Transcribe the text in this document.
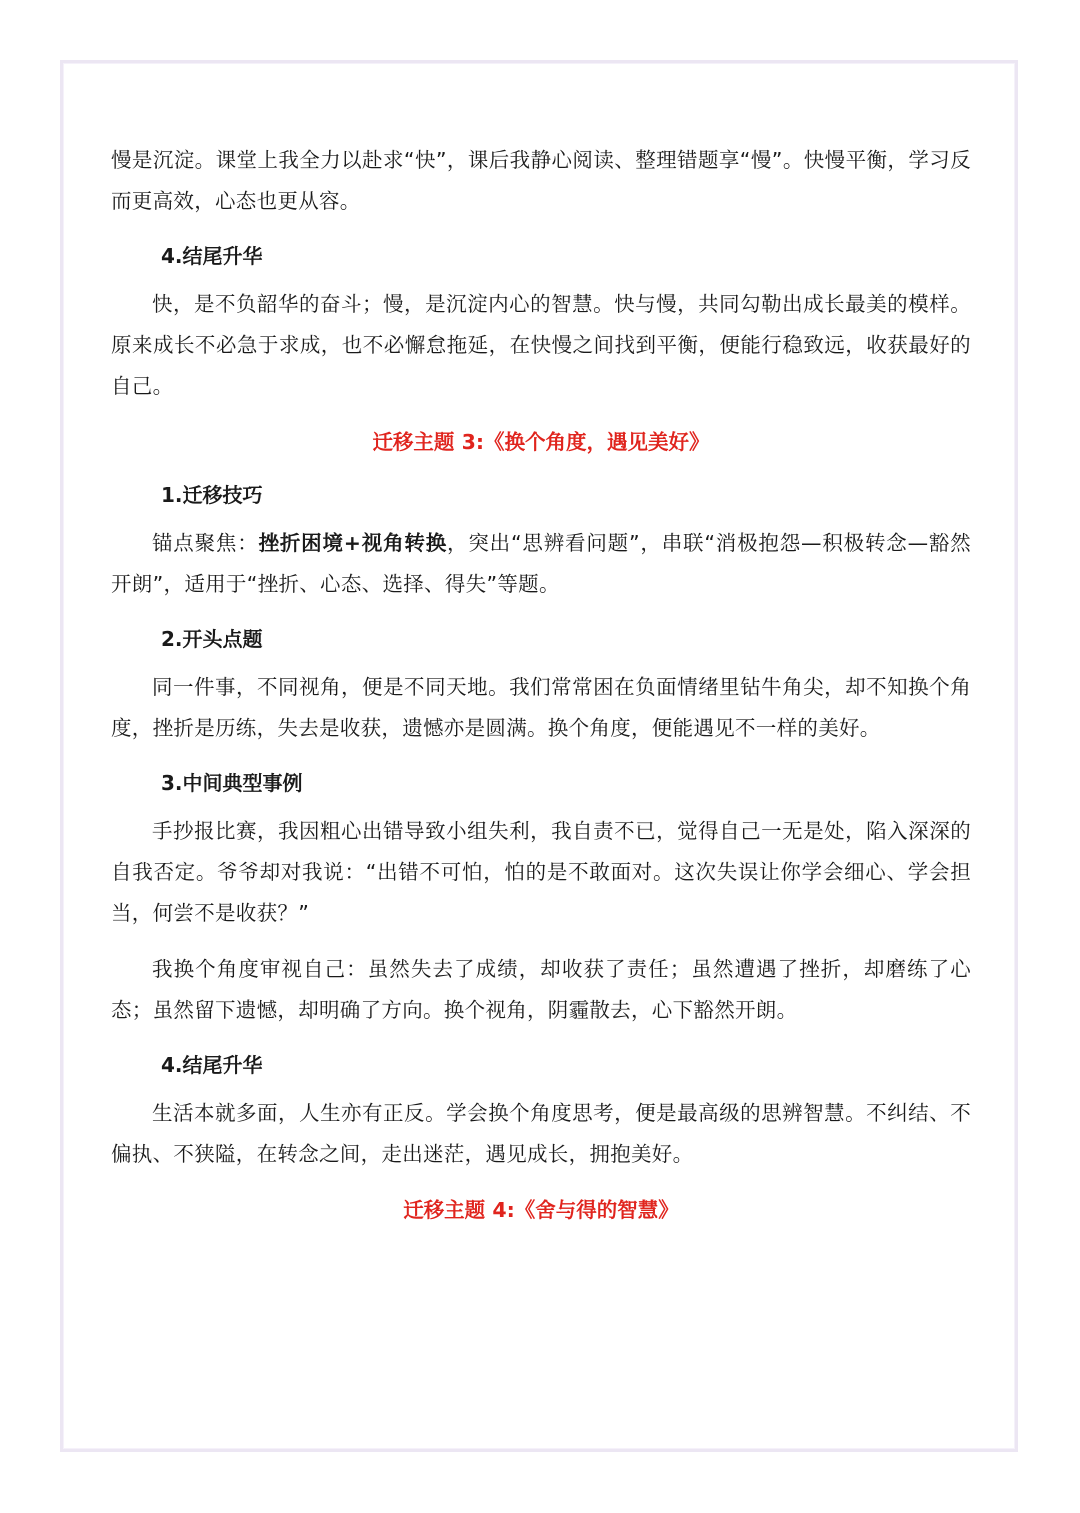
慢是沉淀。课堂上我全力以赴求“快”，课后我静心阅读、整理错题享“慢”。快慢平衡，学习反而更高效，心态也更从容。

4.结尾升华

快，是不负韶华的奋斗；慢，是沉淀内心的智慧。快与慢，共同勾勒出成长最美的模样。原来成长不必急于求成，也不必懈怠拖延，在快慢之间找到平衡，便能行稳致远，收获最好的自己。

迁移主题 3:《换个角度，遇见美好》
1.迁移技巧

锚点聚焦：挫折困境+视角转换，突出“思辨看问题”，串联“消极抱怨—积极转念—豁然开朗”，适用于“挫折、心态、选择、得失”等题。

2.开头点题

同一件事，不同视角，便是不同天地。我们常常困在负面情绪里钻牛角尖，却不知换个角度，挫折是历练，失去是收获，遗憾亦是圆满。换个角度，便能遇见不一样的美好。

3.中间典型事例

手抄报比赛，我因粗心出错导致小组失利，我自责不已，觉得自己一无是处，陷入深深的自我否定。爷爷却对我说：“出错不可怕，怕的是不敢面对。这次失误让你学会细心、学会担当，何尝不是收获？”

我换个角度审视自己：虽然失去了成绩，却收获了责任；虽然遭遇了挫折，却磨练了心态；虽然留下遗憾，却明确了方向。换个视角，阴霾散去，心下豁然开朗。

4.结尾升华

生活本就多面，人生亦有正反。学会换个角度思考，便是最高级的思辨智慧。不纠结、不偏执、不狭隘，在转念之间，走出迷茫，遇见成长，拥抱美好。

迁移主题 4:《舍与得的智慧》
